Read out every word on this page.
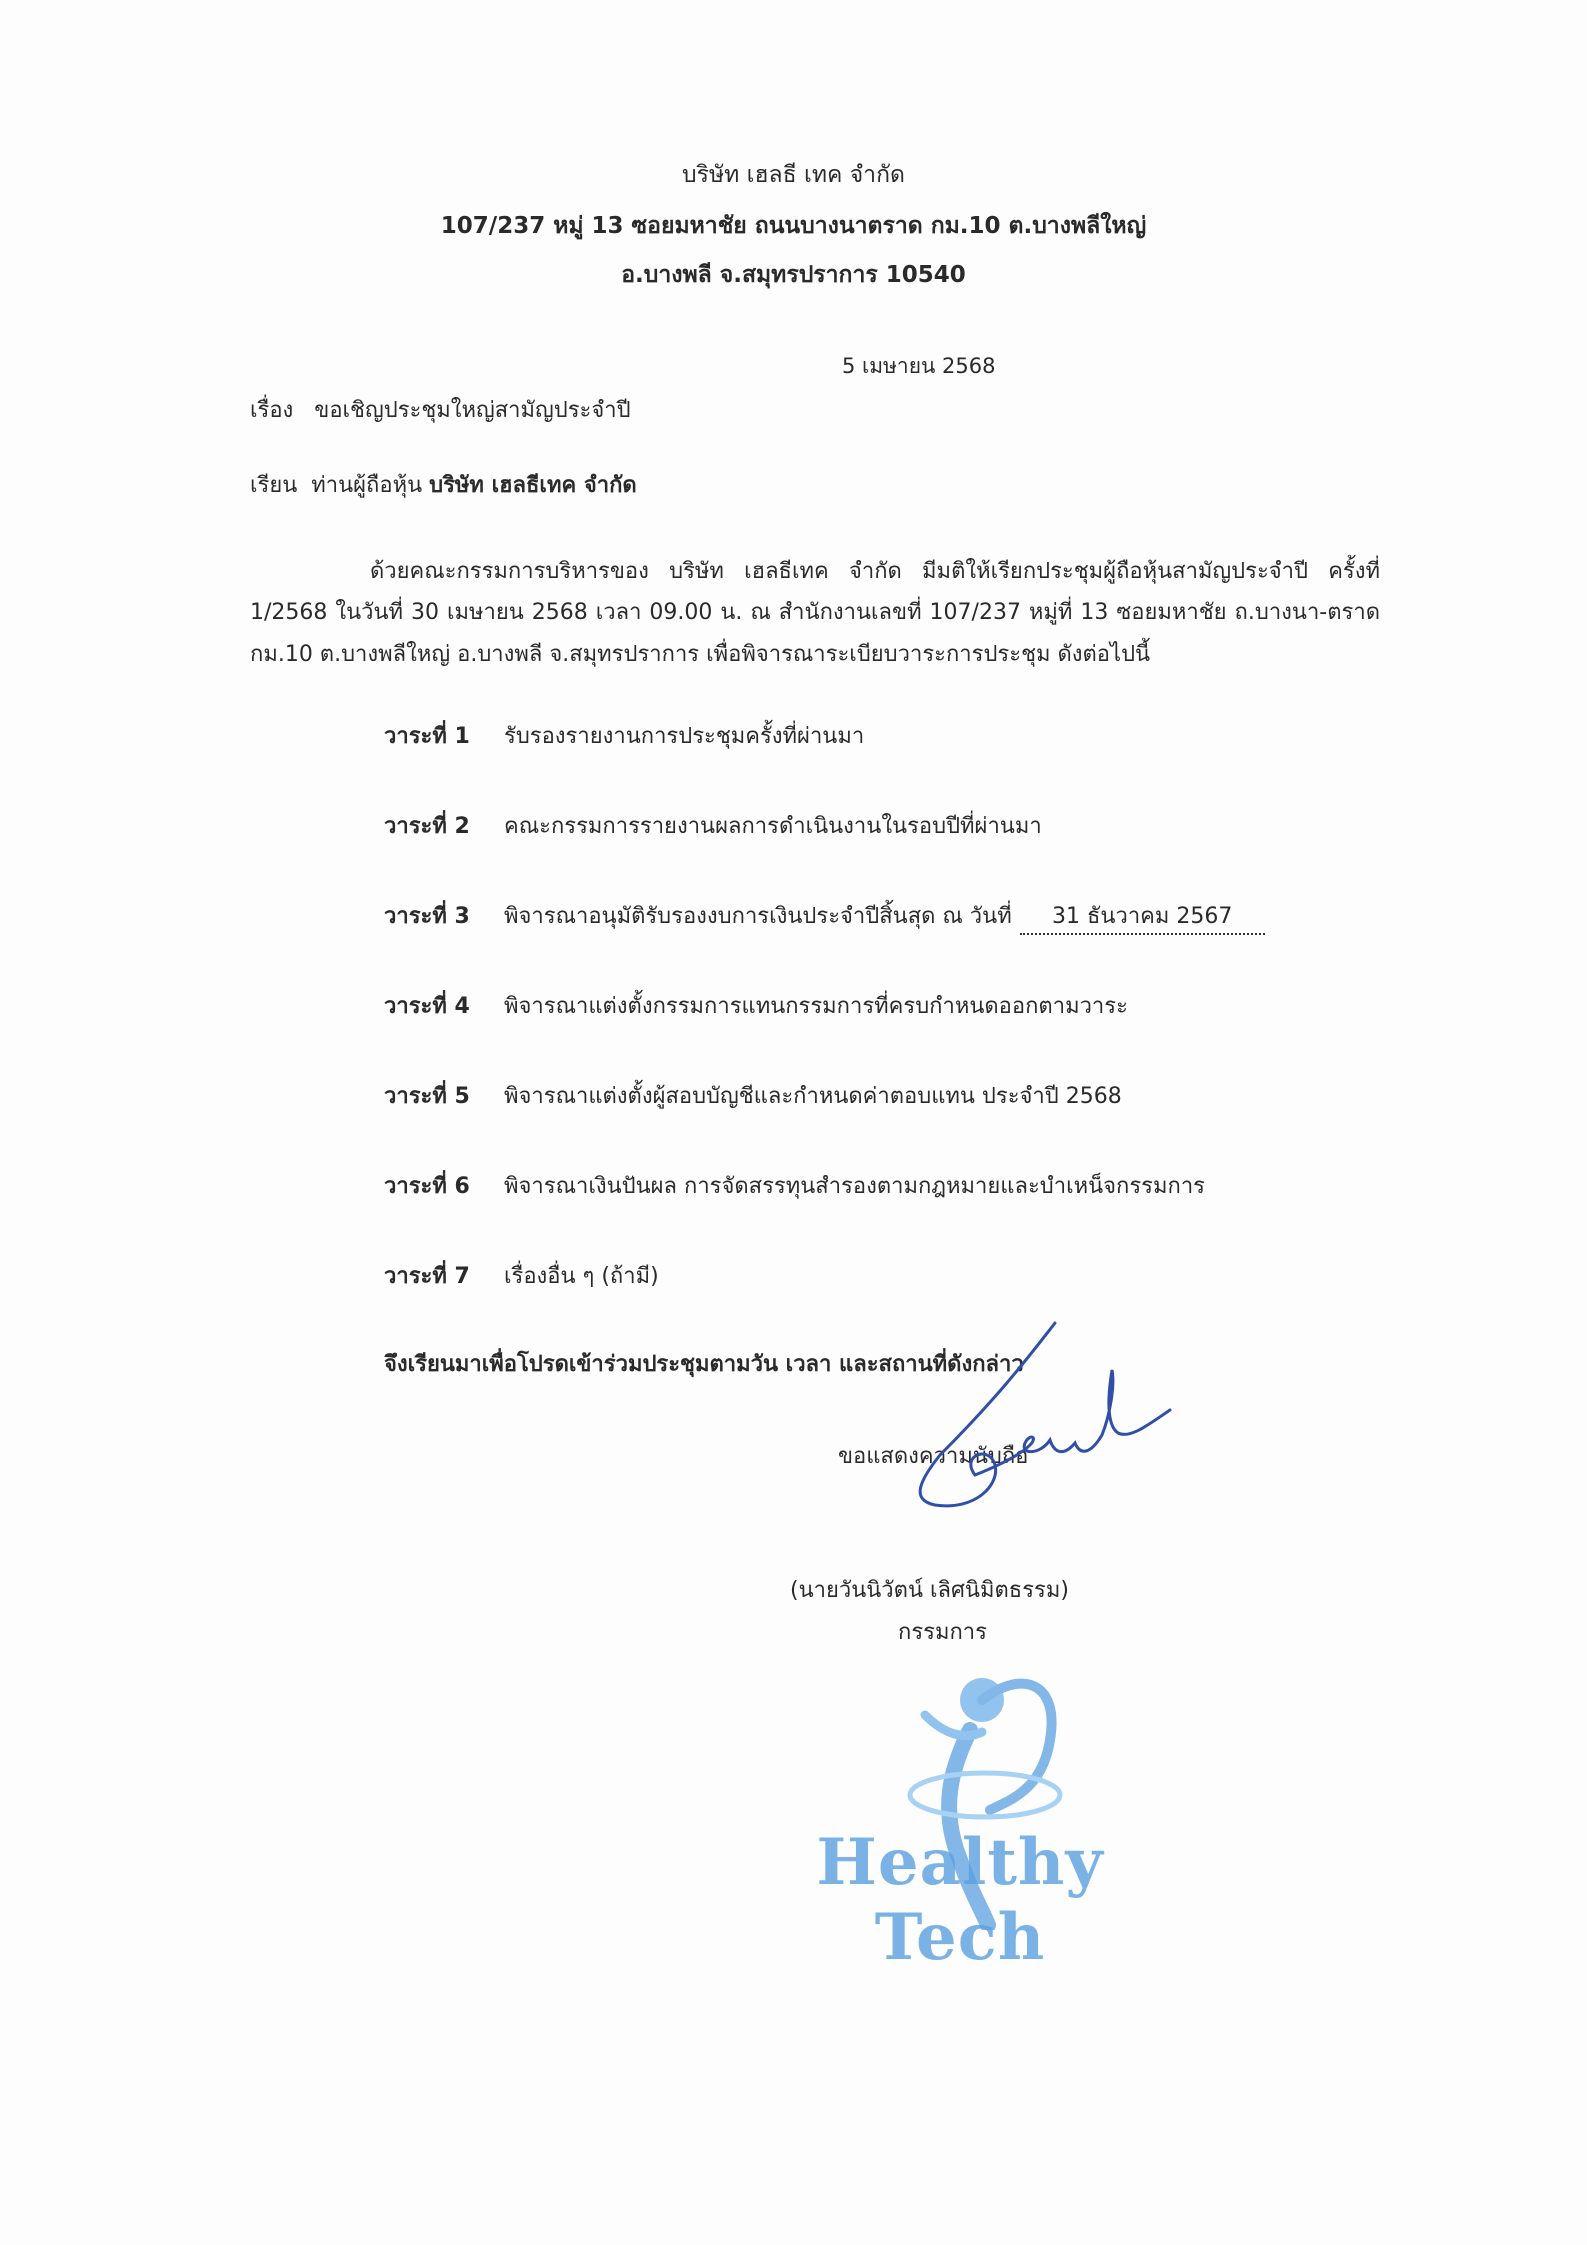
บริษัท เฮลธี เทค จำกัด
107/237 หมู่ 13 ซอยมหาชัย ถนนบางนาตราด กม.10 ต.บางพลีใหญ่
อ.บางพลี จ.สมุทรปราการ 10540
5 เมษายน 2568
เรื่อง ขอเชิญประชุมใหญ่สามัญประจำปี
เรียน ท่านผู้ถือหุ้น บริษัท เฮลธีเทค จำกัด
ด้วยคณะกรรมการบริหารของ บริษัท เฮลธีเทค จำกัด มีมติให้เรียกประชุมผู้ถือหุ้นสามัญประจำปี ครั้งที่
1/2568 ในวันที่ 30 เมษายน 2568 เวลา 09.00 น. ณ สำนักงานเลขที่ 107/237 หมู่ที่ 13 ซอยมหาชัย ถ.บางนา-ตราด
กม.10 ต.บางพลีใหญ่ อ.บางพลี จ.สมุทรปราการ เพื่อพิจารณาระเบียบวาระการประชุม ดังต่อไปนี้
วาระที่ 1 รับรองรายงานการประชุมครั้งที่ผ่านมา
วาระที่ 2 คณะกรรมการรายงานผลการดำเนินงานในรอบปีที่ผ่านมา
วาระที่ 3 พิจารณาอนุมัติรับรองงบการเงินประจำปีสิ้นสุด ณ วันที่ 31 ธันวาคม 2567
วาระที่ 4 พิจารณาแต่งตั้งกรรมการแทนกรรมการที่ครบกำหนดออกตามวาระ
วาระที่ 5 พิจารณาแต่งตั้งผู้สอบบัญชีและกำหนดค่าตอบแทน ประจำปี 2568
วาระที่ 6 พิจารณาเงินปันผล การจัดสรรทุนสำรองตามกฎหมายและบำเหน็จกรรมการ
วาระที่ 7 เรื่องอื่น ๆ (ถ้ามี)
จึงเรียนมาเพื่อโปรดเข้าร่วมประชุมตามวัน เวลา และสถานที่ดังกล่าว
ขอแสดงความนับถือ
(นายวันนิวัตน์ เลิศนิมิตธรรม)
กรรมการ
Healthy Tech
